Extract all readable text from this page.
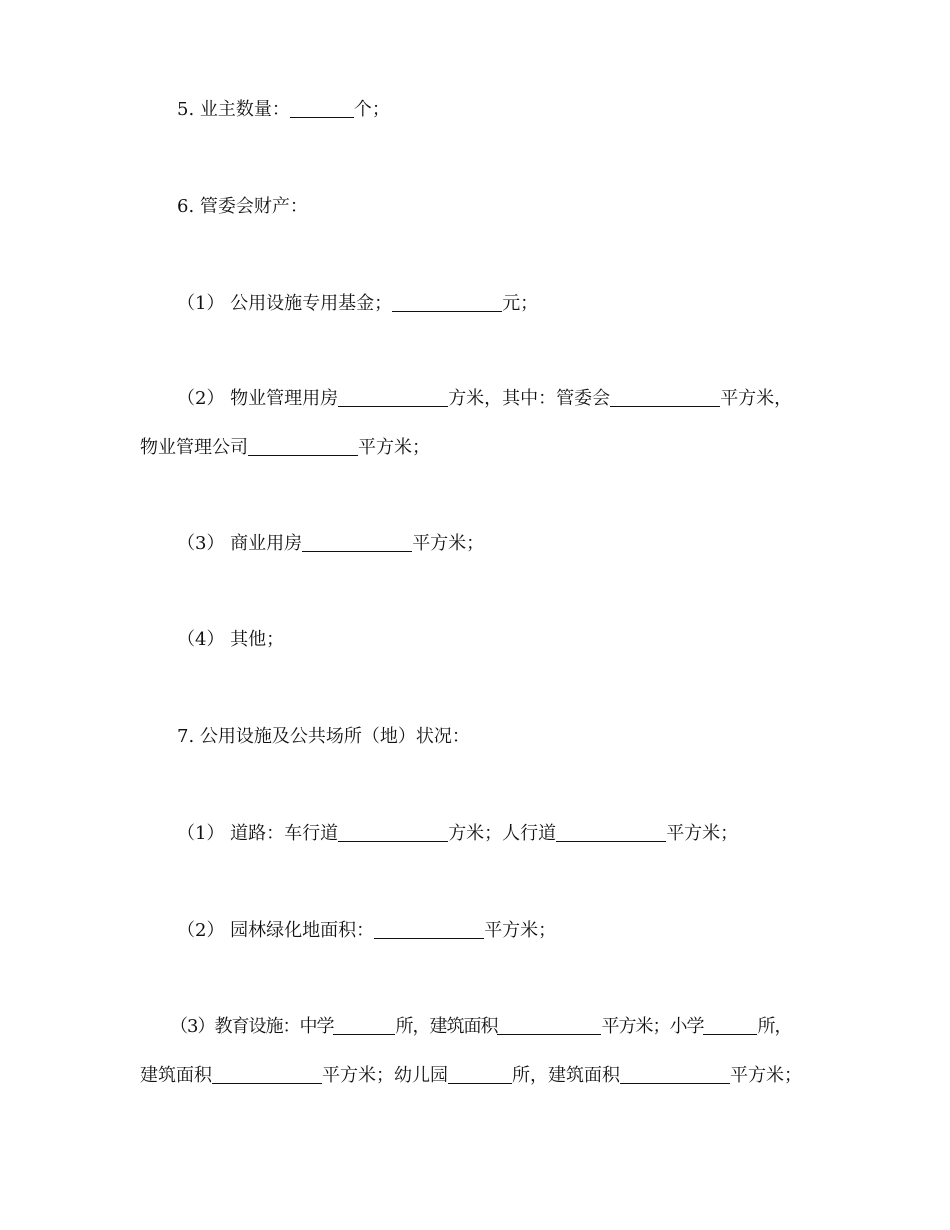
5. 业主数量：	个；
6. 管委会财产：
（1） 公用设施专用基金；	元；
（2） 物业管理用房	方米，其中：管委会	平方米，
物业管理公司	平方米；
（3） 商业用房	平方米；
（4） 其他；
7. 公用设施及公共场所（地）状况：
（1） 道路：车行道	方米；人行道	平方米；
（2） 园林绿化地面积：	平方米；
（3）教育设施：中学	所，建筑面积	平方米；小学	所，
建筑面积	平方米；幼儿园	所，建筑面积	平方米；
